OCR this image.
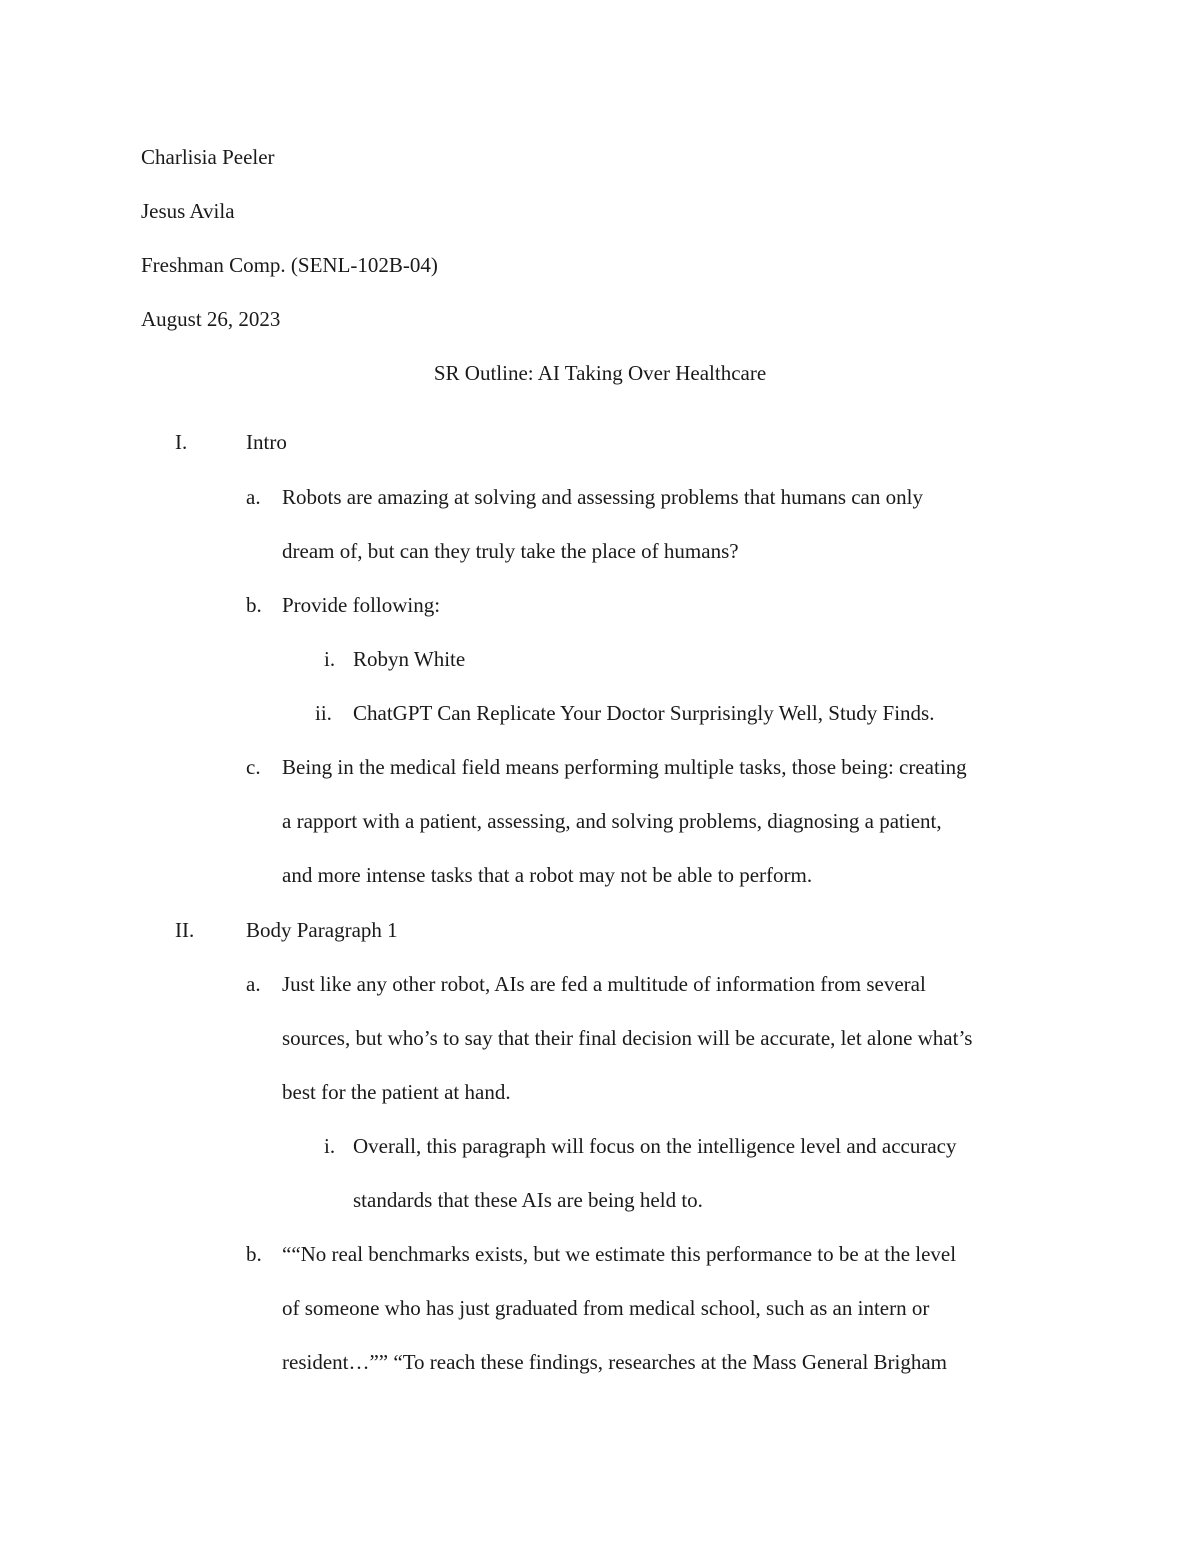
Charlisia Peeler
Jesus Avila
Freshman Comp. (SENL-102B-04)
August 26, 2023
SR Outline: AI Taking Over Healthcare
I.	Intro
a. Robots are amazing at solving and assessing problems that humans can only
dream of, but can they truly take the place of humans?
b. Provide following:
i. Robyn White
ii. ChatGPT Can Replicate Your Doctor Surprisingly Well, Study Finds.
c. Being in the medical field means performing multiple tasks, those being: creating
a rapport with a patient, assessing, and solving problems, diagnosing a patient,
and more intense tasks that a robot may not be able to perform.
II. Body Paragraph 1
a. Just like any other robot, AIs are fed a multitude of information from several
sources, but who’s to say that their final decision will be accurate, let alone what’s
best for the patient at hand.
i. Overall, this paragraph will focus on the intelligence level and accuracy
standards that these AIs are being held to.
b. ““No real benchmarks exists, but we estimate this performance to be at the level
of someone who has just graduated from medical school, such as an intern or
resident…”” “To reach these findings, researches at the Mass General Brigham
